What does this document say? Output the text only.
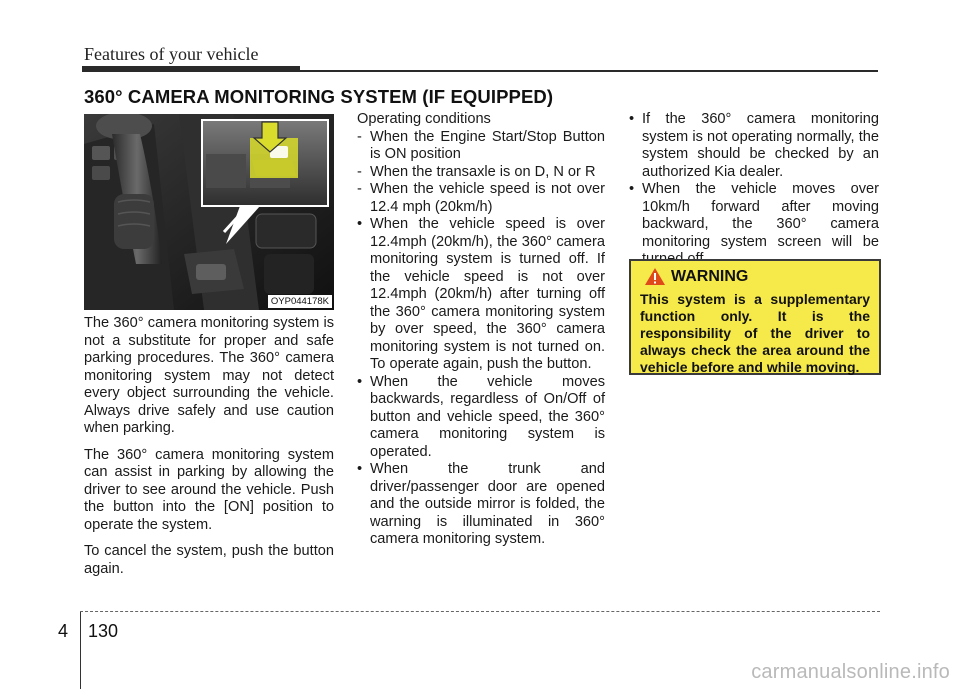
Features of your vehicle
360° CAMERA MONITORING SYSTEM (IF EQUIPPED)
OYP044178K

The 360° camera monitoring system is not a substitute for proper and safe parking procedures. The 360° camera monitoring system may not detect every object surrounding the vehicle. Always drive safely and use caution when parking.

The 360° camera monitoring system can assist in parking by allowing the driver to see around the vehicle. Push the button into the [ON] position to operate the system.

To cancel the system, push the button again.

Operating conditions
- When the Engine Start/Stop Button is ON position
- When the transaxle is on D, N or R
- When the vehicle speed is not over 12.4 mph (20km/h)
• When the vehicle speed is over 12.4mph (20km/h), the 360° camera monitoring system is turned off. If the vehicle speed is not over 12.4mph (20km/h) after turning off the 360° camera monitoring system by over speed, the 360° camera monitoring system is not turned on. To operate again, push the button.
• When the vehicle moves backwards, regardless of On/Off of button and vehicle speed, the 360° camera monitoring system is operated.
• When the trunk and driver/passenger door are opened and the outside mirror is folded, the warning is illuminated in 360° camera monitoring system.
• If the 360° camera monitoring system is not operating normally, the system should be checked by an authorized Kia dealer.
• When the vehicle moves over 10km/h forward after moving backward, the 360° camera monitoring system screen will be
WARNING
This system is a supplementary function only. It is the responsibility of the driver to always check the area around the vehicle before and while moving.
4 130
carmanualsonline.info
